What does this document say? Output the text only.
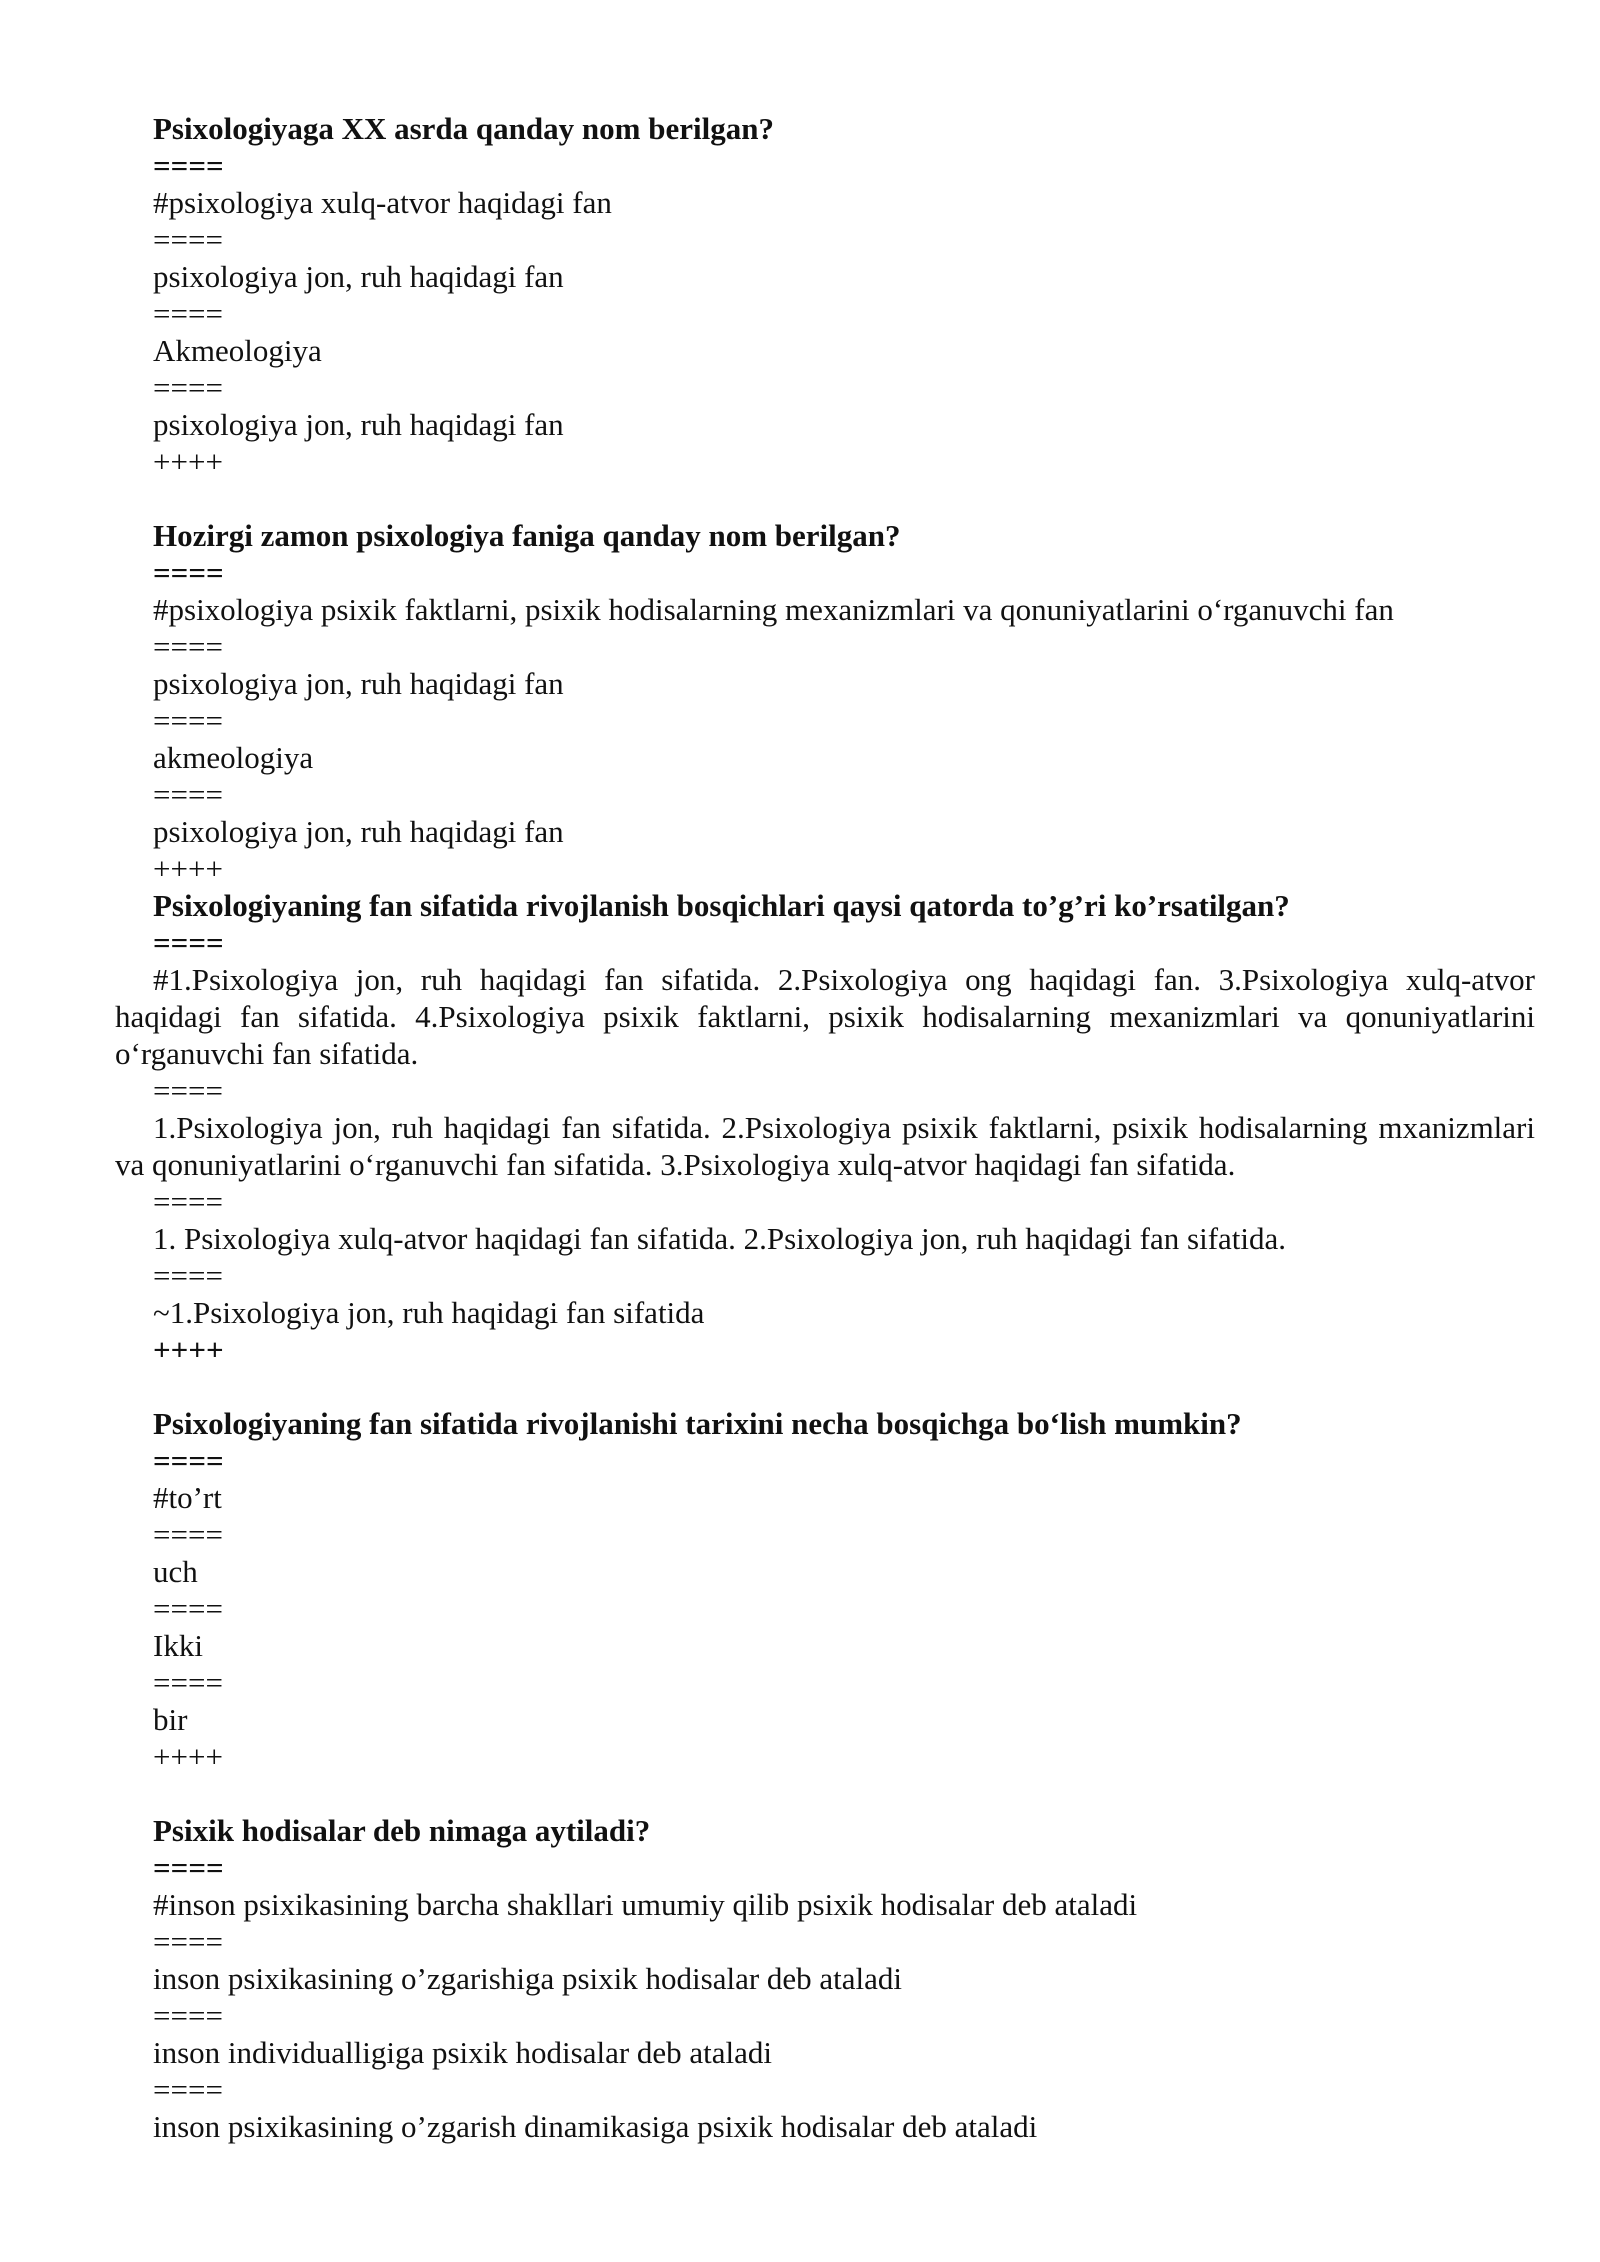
Psixologiyaga XX asrda qanday nom berilgan?

====

#psixologiya xulq-atvor haqidagi fan

====

psixologiya jon, ruh haqidagi fan

====

Akmeologiya

====

psixologiya jon, ruh haqidagi fan

++++

Hozirgi zamon psixologiya faniga qanday nom berilgan?

====

#psixologiya psixik faktlarni, psixik hodisalarning mexanizmlari va qonuniyatlarini o‘rganuvchi fan

====

psixologiya jon, ruh haqidagi fan

====

akmeologiya

====

psixologiya jon, ruh haqidagi fan

++++

Psixologiyaning fan sifatida rivojlanish bosqichlari qaysi qatorda to’g’ri ko’rsatilgan?

====

#1.Psixologiya jon, ruh haqidagi fan sifatida. 2.Psixologiya ong haqidagi fan. 3.Psixologiya xulq-atvor haqidagi fan sifatida. 4.Psixologiya psixik faktlarni, psixik hodisalarning mexanizmlari va qonuniyatlarini o‘rganuvchi fan sifatida.

====

1.Psixologiya jon, ruh haqidagi fan sifatida. 2.Psixologiya psixik faktlarni, psixik hodisalarning mxanizmlari va qonuniyatlarini o‘rganuvchi fan sifatida. 3.Psixologiya xulq-atvor haqidagi fan sifatida.

====

1. Psixologiya xulq-atvor haqidagi fan sifatida. 2.Psixologiya jon, ruh haqidagi fan sifatida.

====

~1.Psixologiya jon, ruh haqidagi fan sifatida

++++

Psixologiyaning fan sifatida rivojlanishi tarixini necha bosqichga bo‘lish mumkin?

====

#to’rt

====

uch

====

Ikki

====

bir

++++

Psixik hodisalar deb nimaga aytiladi?

====

#inson psixikasining barcha shakllari umumiy qilib psixik hodisalar deb ataladi

====

inson psixikasining o’zgarishiga psixik hodisalar deb ataladi

====

inson individualligiga psixik hodisalar deb ataladi

====

inson psixikasining o’zgarish dinamikasiga psixik hodisalar deb ataladi
